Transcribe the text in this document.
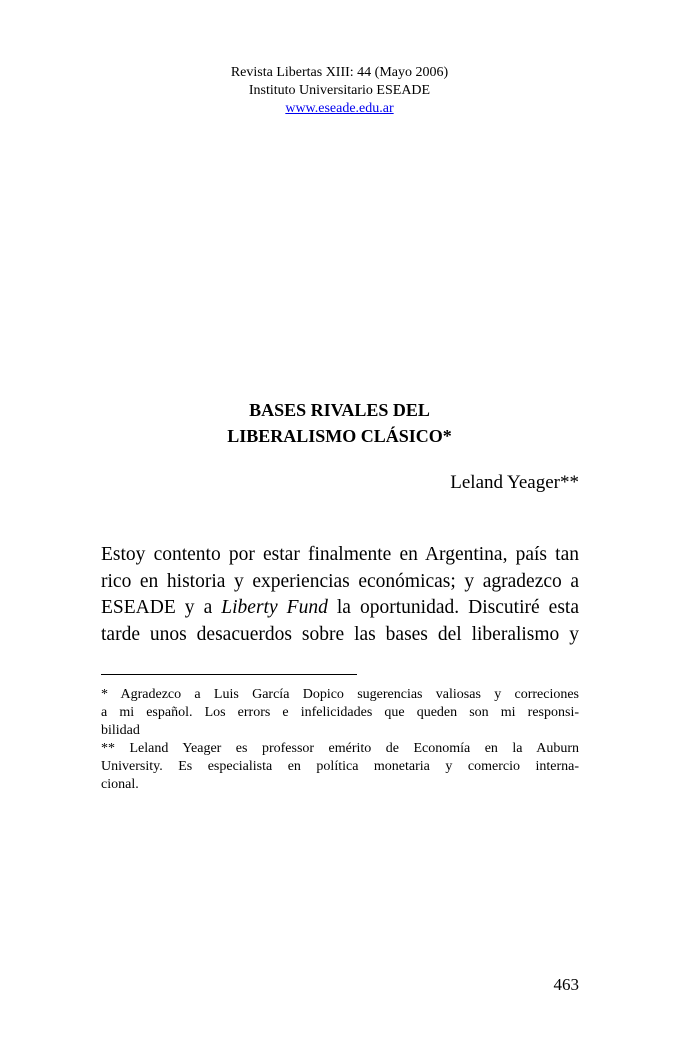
Revista Libertas XIII: 44 (Mayo 2006)
Instituto Universitario ESEADE
www.eseade.edu.ar
BASES RIVALES DEL
LIBERALISMO CLÁSICO*
Leland Yeager**
Estoy contento por estar finalmente en Argentina, país tan
rico en historia y experiencias económicas; y agradezco a
ESEADE y a Liberty Fund la oportunidad. Discutiré esta
tarde unos desacuerdos sobre las bases del liberalismo y
* Agradezco a Luis García Dopico sugerencias valiosas y correciones
a mi español. Los errors e infelicidades que queden son mi responsi-
bilidad
** Leland Yeager es professor emérito de Economía en la Auburn
University. Es especialista en política monetaria y comercio interna-
cional.
463
